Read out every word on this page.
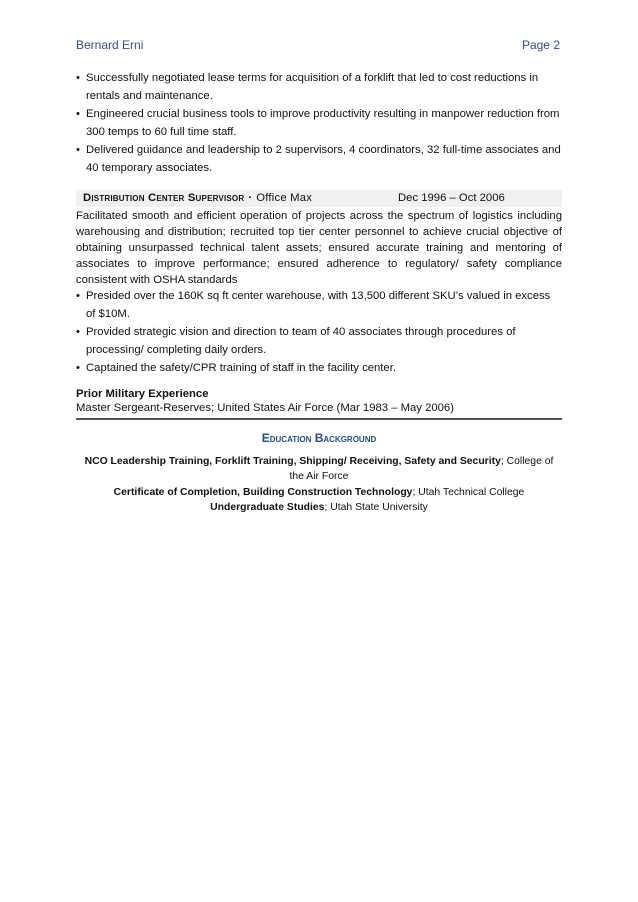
Bernard Erni	Page 2
• Successfully negotiated lease terms for acquisition of a forklift that led to cost reductions in rentals and maintenance.
• Engineered crucial business tools to improve productivity resulting in manpower reduction from 300 temps to 60 full time staff.
• Delivered guidance and leadership to 2 supervisors, 4 coordinators, 32 full-time associates and 40 temporary associates.
Distribution Center Supervisor · Office Max	Dec 1996 – Oct 2006
Facilitated smooth and efficient operation of projects across the spectrum of logistics including warehousing and distribution; recruited top tier center personnel to achieve crucial objective of obtaining unsurpassed technical talent assets; ensured accurate training and mentoring of associates to improve performance; ensured adherence to regulatory/ safety compliance consistent with OSHA standards
• Presided over the 160K sq ft center warehouse, with 13,500 different SKU’s valued in excess of $10M.
• Provided strategic vision and direction to team of 40 associates through procedures of processing/ completing daily orders.
• Captained the safety/CPR training of staff in the facility center.
Prior Military Experience
Master Sergeant-Reserves; United States Air Force (Mar 1983 – May 2006)
Education Background
NCO Leadership Training, Forklift Training, Shipping/ Receiving, Safety and Security; College of the Air Force
Certificate of Completion, Building Construction Technology; Utah Technical College
Undergraduate Studies; Utah State University
